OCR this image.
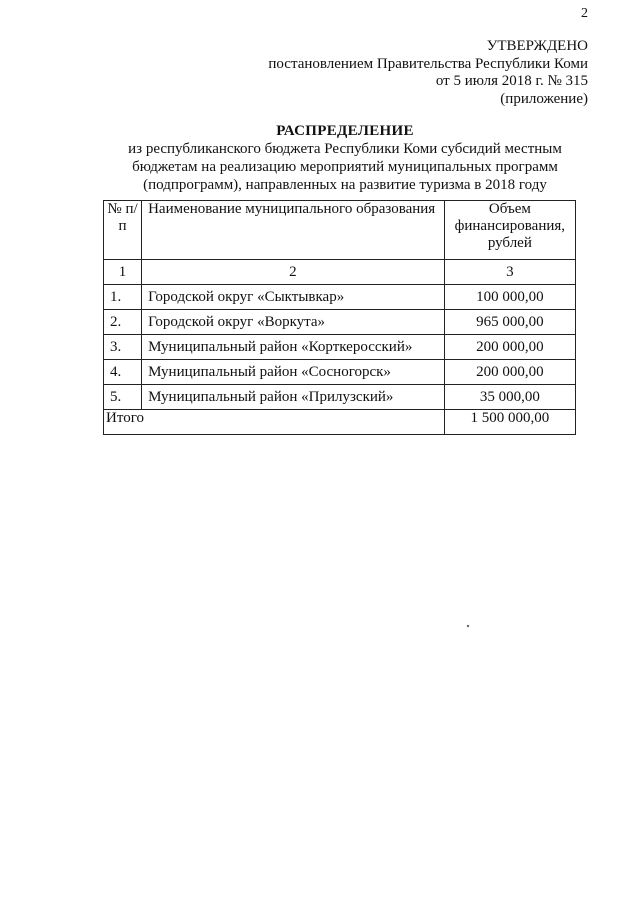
2
УТВЕРЖДЕНО
постановлением Правительства Республики Коми
от 5 июля 2018 г. № 315
(приложение)
РАСПРЕДЕЛЕНИЕ
из республиканского бюджета Республики Коми субсидий местным
бюджетам на реализацию мероприятий муниципальных программ
(подпрограмм), направленных на развитие туризма в 2018 году
№ п/п	Наименование муниципального образования	Объем финансирования, рублей
1	2	3
1.	Городской округ «Сыктывкар»	100 000,00
2.	Городской округ «Воркута»	965 000,00
3.	Муниципальный район «Корткеросский»	200 000,00
4.	Муниципальный район «Сосногорск»	200 000,00
5.	Муниципальный район «Прилузский»	35 000,00
Итого		1 500 000,00
